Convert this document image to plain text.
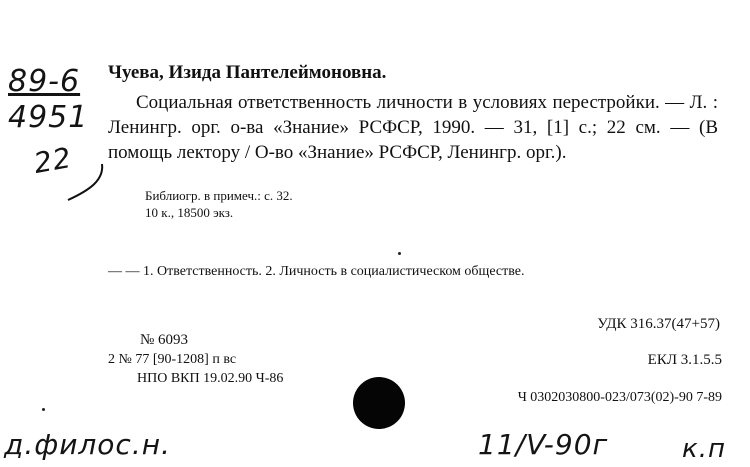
89-6
4951
22
Чуева, Изида Пантелеймоновна.
Социальная ответственность личности в условиях перестройки. — Л. : Ленингр. орг. о-ва «Знание» РСФСР, 1990. — 31, [1] с.; 22 см. — (В помощь лектору / О-во «Знание» РСФСР, Ленингр. орг.).
Библиогр. в примеч.: с. 32.
10 к., 18500 экз.
— — 1. Ответственность. 2. Личность в социалистическом обществе.
УДК 316.37(47+57)
№ 6093
2 № 77 [90-1208] п вс	ЕКЛ 3.1.5.5
НПО ВКП 19.02.90 Ч-86
Ч 0302030800-023/073(02)-90 7-89
д.филос.н.	11/V-90г	к.п
